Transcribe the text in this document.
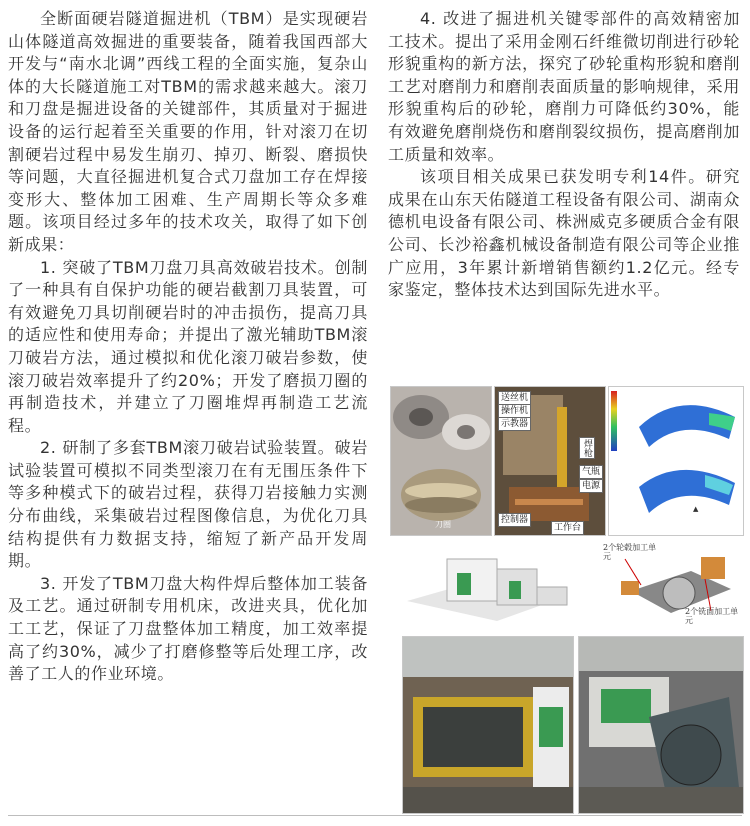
全断面硬岩隧道掘进机（TBM）是实现硬岩山体隧道高效掘进的重要装备，随着我国西部大开发与“南水北调”西线工程的全面实施，复杂山体的大长隧道施工对TBM的需求越来越大。滚刀和刀盘是掘进设备的关键部件，其质量对于掘进设备的运行起着至关重要的作用，针对滚刀在切割硬岩过程中易发生崩刃、掉刃、断裂、磨损快等问题，大直径掘进机复合式刀盘加工存在焊接变形大、整体加工困难、生产周期长等众多难题。该项目经过多年的技术攻关，取得了如下创新成果：

1. 突破了TBM刀盘刀具高效破岩技术。创制了一种具有自保护功能的硬岩截割刀具装置，可有效避免刀具切削硬岩时的冲击损伤，提高刀具的适应性和使用寿命；并提出了激光辅助TBM滚刀破岩方法，通过模拟和优化滚刀破岩参数，使滚刀破岩效率提升了约20%；开发了磨损刀圈的再制造技术，并建立了刀圈堆焊再制造工艺流程。

2. 研制了多套TBM滚刀破岩试验装置。破岩试验装置可模拟不同类型滚刀在有无围压条件下等多种模式下的破岩过程，获得刀岩接触力实测分布曲线，采集破岩过程图像信息，为优化刀具结构提供有力数据支持，缩短了新产品开发周期。

3. 开发了TBM刀盘大构件焊后整体加工装备及工艺。通过研制专用机床，改进夹具，优化加工工艺，保证了刀盘整体加工精度，加工效率提高了约30%，减少了打磨修整等后处理工序，改善了工人的作业环境。

4. 改进了掘进机关键零部件的高效精密加工技术。提出了采用金刚石纤维微切削进行砂轮形貌重构的新方法，探究了砂轮重构形貌和磨削工艺对磨削力和磨削表面质量的影响规律，采用形貌重构后的砂轮，磨削力可降低约30%，能有效避免磨削烧伤和磨削裂纹损伤，提高磨削加工质量和效率。

该项目相关成果已获发明专利14件。研究成果在山东天佑隧道工程设备有限公司、湖南众德机电设备有限公司、株洲威克多硬质合金有限公司、长沙裕鑫机械设备制造有限公司等企业推广应用，3年累计新增销售额约1.2亿元。经专家鉴定，整体技术达到国际先进水平。

刀圈
送丝机
操作机
示教器
焊枪
气瓶
电源
控制器
工作台
▲
2个轮毂加工单元
2个铣面加工单元
